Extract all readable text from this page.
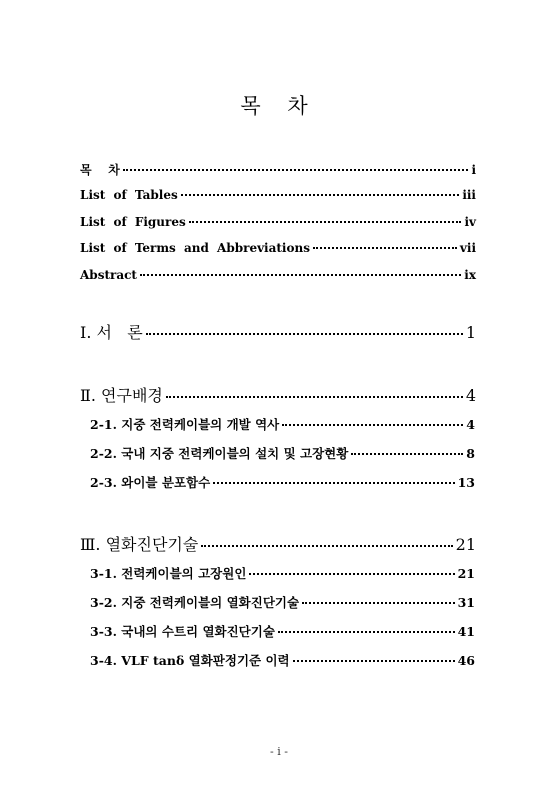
목 차
목    차	i
List of Tables	iii
List of Figures	iv
List of Terms and Abbreviations	vii
Abstract	ix
Ⅰ. 서   론	1
Ⅱ. 연구배경	4
2-1. 지중 전력케이블의 개발 역사	4
2-2. 국내 지중 전력케이블의 설치 및 고장현황	8
2-3. 와이블 분포함수	13
Ⅲ. 열화진단기술	21
3-1. 전력케이블의 고장원인	21
3-2. 지중 전력케이블의 열화진단기술	31
3-3. 국내의 수트리 열화진단기술	41
3-4. VLF tanδ 열화판정기준 이력	46
- i -
